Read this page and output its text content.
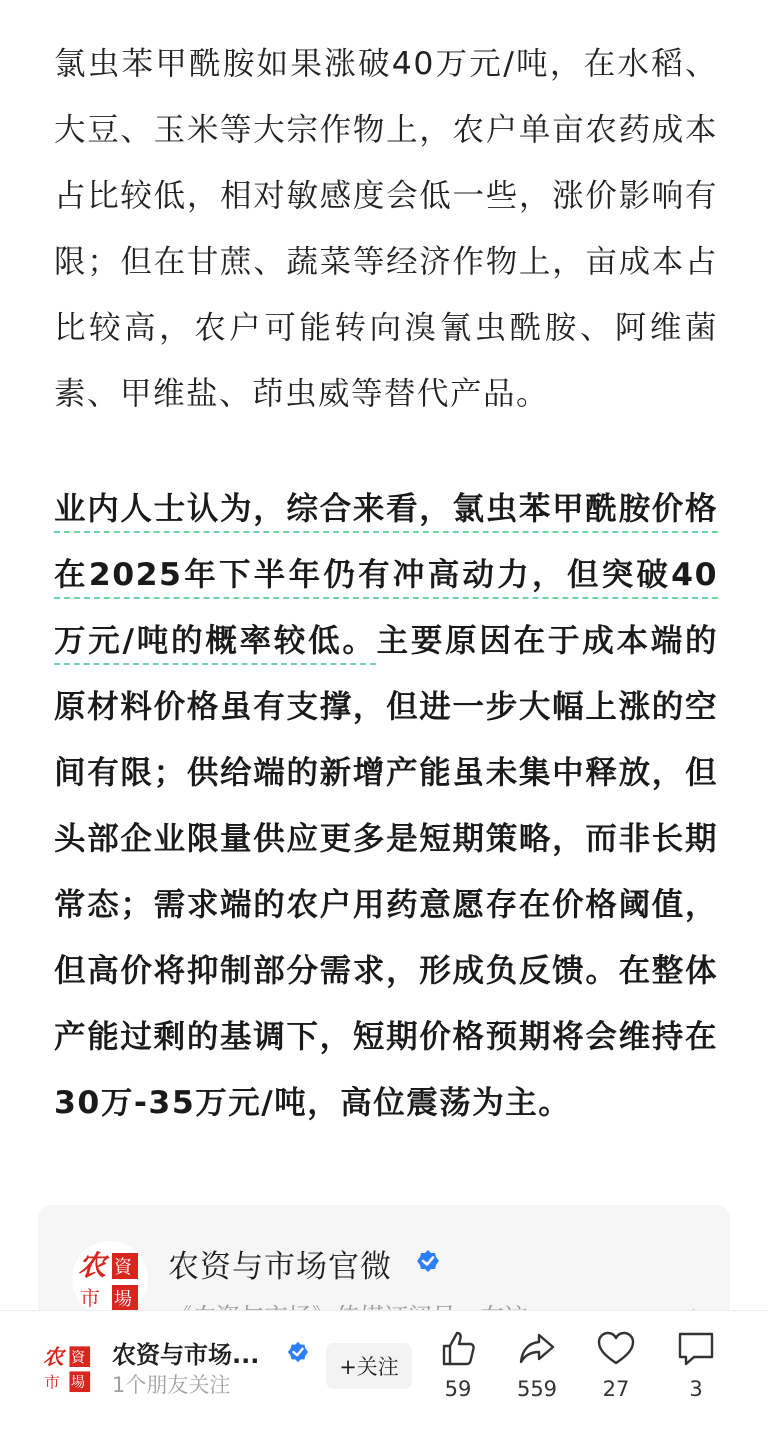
氯虫苯甲酰胺如果涨破40万元/吨，在水稻、大豆、玉米等大宗作物上，农户单亩农药成本占比较低，相对敏感度会低一些，涨价影响有限；但在甘蔗、蔬菜等经济作物上，亩成本占比较高，农户可能转向溴氰虫酰胺、阿维菌素、甲维盐、茚虫威等替代产品。

业内人士认为，综合来看，氯虫苯甲酰胺价格在2025年下半年仍有冲高动力，但突破40万元/吨的概率较低。主要原因在于成本端的原材料价格虽有支撑，但进一步大幅上涨的空间有限；供给端的新增产能虽未集中释放，但头部企业限量供应更多是短期策略，而非长期常态；需求端的农户用药意愿存在价格阈值，但高价将抑制部分需求，形成负反馈。在整体产能过剩的基调下，短期价格预期将会维持在30万-35万元/吨，高位震荡为主。

农 資
市 場
农资与市场官微
农 資
市 場
农资与市场...
1个朋友关注
+关注
59	559	27	3
